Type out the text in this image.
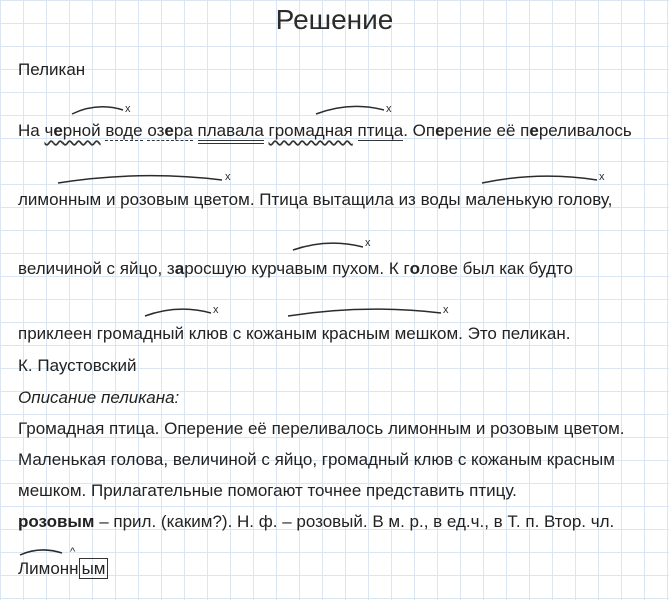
Решение
Пеликан
На черной воде озера плавала громадная птица. Оперение её переливалось
лимонным и розовым цветом. Птица вытащила из воды маленькую голову,
величиной с яйцо, заросшую курчавым пухом. К голове был как будто
приклеен громадный клюв с кожаным красным мешком. Это пеликан.
К. Паустовский
Описание пеликана:
Громадная птица. Оперение её переливалось лимонным и розовым цветом.
Маленькая голова, величиной с яйцо, громадный клюв с кожаным красным
мешком. Прилагательные помогают точнее представить птицу.
розовым – прил. (каким?). Н. ф. – розовый. В м. р., в ед.ч., в Т. п. Втор. чл.
Лимонн ым
x	x
x	x
x
x	x
^
